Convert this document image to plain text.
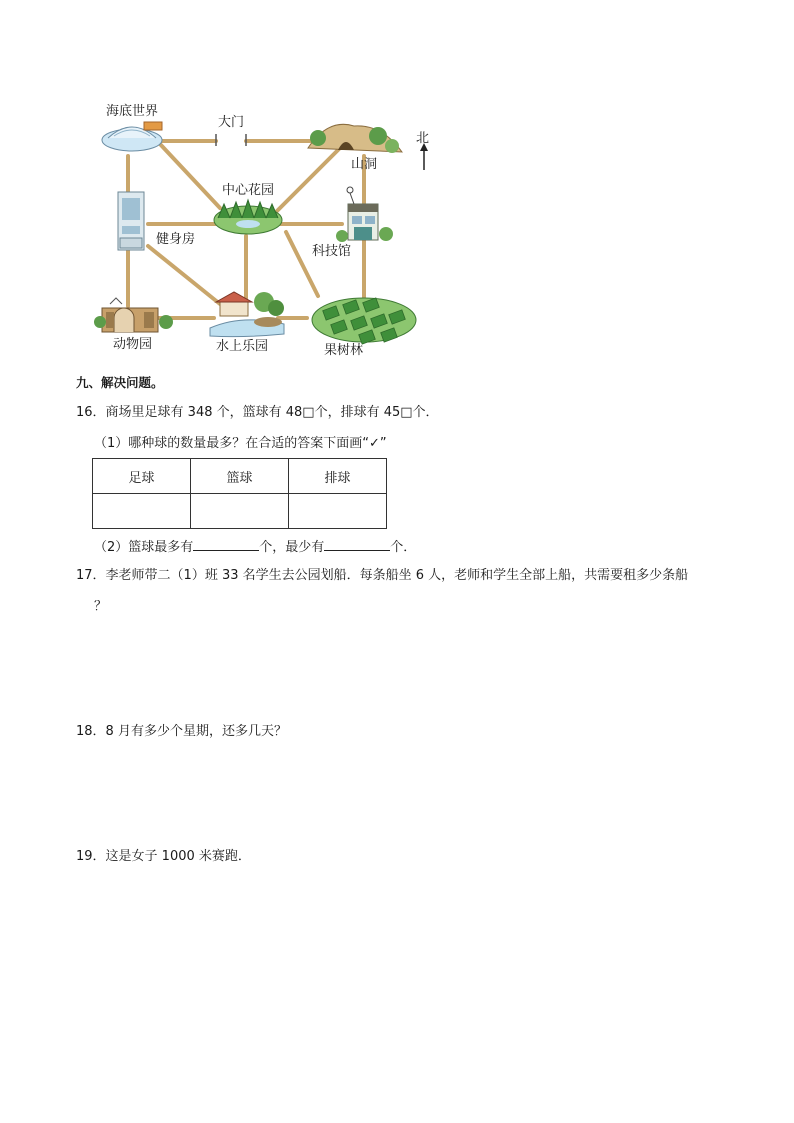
海底世界
大门
山洞
北
中心花园
健身房
科技馆
动物园	水上乐园	果树林
九、解决问题。
16．商场里足球有 348 个，篮球有 48□个，排球有 45□个．
（1）哪种球的数量最多？在合适的答案下面画“✓”
足球	篮球	排球

（2）篮球最多有	个，最少有	个．
17．李老师带二（1）班 33 名学生去公园划船．每条船坐 6 人，老师和学生全部上船，共需要租多少条船
？
18．8 月有多少个星期，还多几天？
19．这是女子 1000 米赛跑．
